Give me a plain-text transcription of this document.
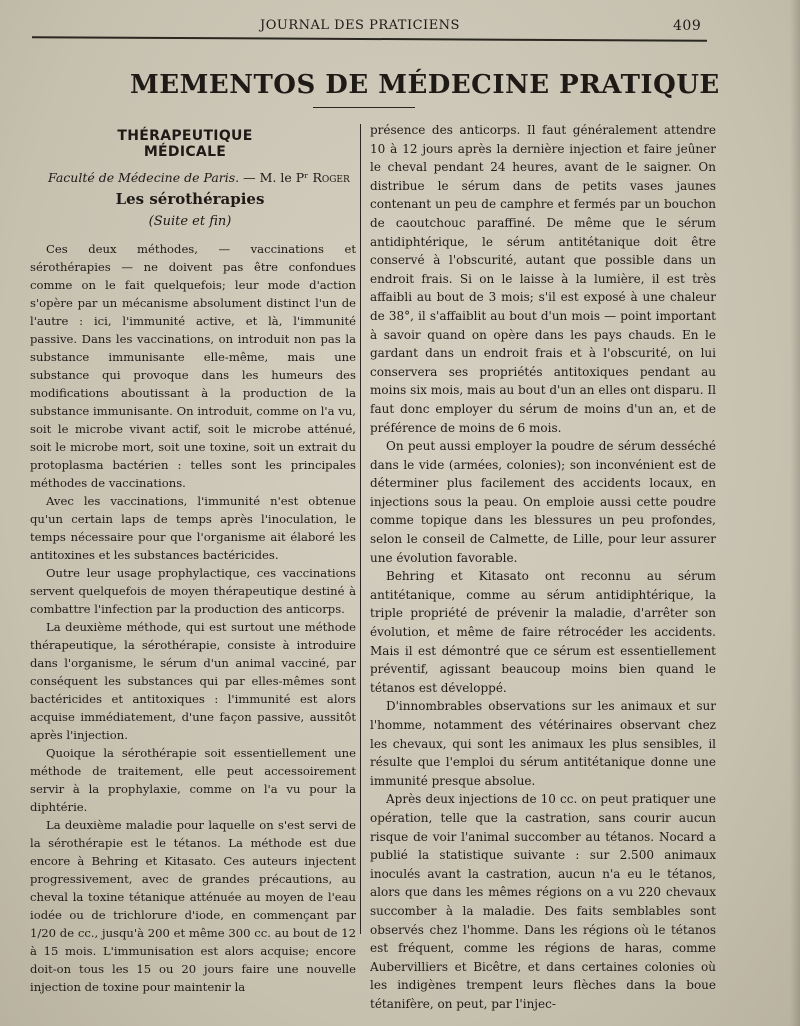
JOURNAL DES PRATICIENS	409
MEMENTOS DE MÉDECINE PRATIQUE
THÉRAPEUTIQUE MÉDICALE
Faculté de Médecine de Paris. — M. le Pʳ Roger
Les sérothérapies
(Suite et fin)

Ces deux méthodes, — vaccinations et sérothérapies — ne doivent pas être confondues comme on le fait quelquefois; leur mode d'action s'opère par un mécanisme absolument distinct l'un de l'autre : ici, l'immunité active, et là, l'immunité passive. Dans les vaccinations, on introduit non pas la substance immunisante elle-même, mais une substance qui provoque dans les humeurs des modifications aboutissant à la production de la substance immunisante. On introduit, comme on l'a vu, soit le microbe vivant actif, soit le microbe atténué, soit le microbe mort, soit une toxine, soit un extrait du protoplasma bactérien : telles sont les principales méthodes de vaccinations.

Avec les vaccinations, l'immunité n'est obtenue qu'un certain laps de temps après l'inoculation, le temps nécessaire pour que l'organisme ait élaboré les antitoxines et les substances bactéricides.

Outre leur usage prophylactique, ces vaccinations servent quelquefois de moyen thérapeutique destiné à combattre l'infection par la production des anticorps.

La deuxième méthode, qui est surtout une méthode thérapeutique, la sérothérapie, consiste à introduire dans l'organisme, le sérum d'un animal vacciné, par conséquent les substances qui par elles-mêmes sont bactéricides et antitoxiques : l'immunité est alors acquise immédiatement, d'une façon passive, aussitôt après l'injection.

Quoique la sérothérapie soit essentiellement une méthode de traitement, elle peut accessoirement servir à la prophylaxie, comme on l'a vu pour la diphtérie.

La deuxième maladie pour laquelle on s'est servi de la sérothérapie est le tétanos. La méthode est due encore à Behring et Kitasato. Ces auteurs injectent progressivement, avec de grandes précautions, au cheval la toxine tétanique atténuée au moyen de l'eau iodée ou de trichlorure d'iode, en commençant par 1/20 de cc., jusqu'à 200 et même 300 cc. au bout de 12 à 15 mois. L'immunisation est alors acquise; encore doit-on tous les 15 ou 20 jours faire une nouvelle injection de toxine pour maintenir la

présence des anticorps. Il faut généralement attendre 10 à 12 jours après la dernière injection et faire jeûner le cheval pendant 24 heures, avant de le saigner. On distribue le sérum dans de petits vases jaunes contenant un peu de camphre et fermés par un bouchon de caoutchouc paraffiné. De même que le sérum antidiphtérique, le sérum antitétanique doit être conservé à l'obscurité, autant que possible dans un endroit frais. Si on le laisse à la lumière, il est très affaibli au bout de 3 mois; s'il est exposé à une chaleur de 38°, il s'affaiblit au bout d'un mois — point important à savoir quand on opère dans les pays chauds. En le gardant dans un endroit frais et à l'obscurité, on lui conservera ses propriétés antitoxiques pendant au moins six mois, mais au bout d'un an elles ont disparu. Il faut donc employer du sérum de moins d'un an, et de préférence de moins de 6 mois.

On peut aussi employer la poudre de sérum desséché dans le vide (armées, colonies); son inconvénient est de déterminer plus facilement des accidents locaux, en injections sous la peau. On emploie aussi cette poudre comme topique dans les blessures un peu profondes, selon le conseil de Calmette, de Lille, pour leur assurer une évolution favorable.

Behring et Kitasato ont reconnu au sérum antitétanique, comme au sérum antidiphtérique, la triple propriété de prévenir la maladie, d'arrêter son évolution, et même de faire rétrocéder les accidents. Mais il est démontré que ce sérum est essentiellement préventif, agissant beaucoup moins bien quand le tétanos est développé.

D'innombrables observations sur les animaux et sur l'homme, notamment des vétérinaires observant chez les chevaux, qui sont les animaux les plus sensibles, il résulte que l'emploi du sérum antitétanique donne une immunité presque absolue.

Après deux injections de 10 cc. on peut pratiquer une opération, telle que la castration, sans courir aucun risque de voir l'animal succomber au tétanos. Nocard a publié la statistique suivante : sur 2.500 animaux inoculés avant la castration, aucun n'a eu le tétanos, alors que dans les mêmes régions on a vu 220 chevaux succomber à la maladie. Des faits semblables sont observés chez l'homme. Dans les régions où le tétanos est fréquent, comme les régions de haras, comme Aubervilliers et Bicêtre, et dans certaines colonies où les indigènes trempent leurs flèches dans la boue tétanifère, on peut, par l'injec-
